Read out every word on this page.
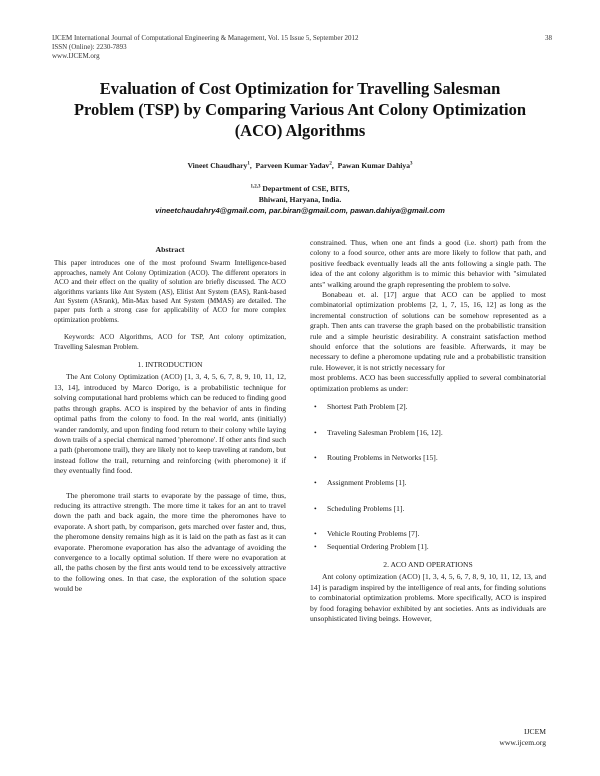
IJCEM International Journal of Computational Engineering & Management, Vol. 15 Issue 5, September 2012
ISSN (Online): 2230-7893
www.IJCEM.org
38
Evaluation of Cost Optimization for Travelling Salesman
Problem (TSP) by Comparing Various Ant Colony Optimization
(ACO) Algorithms
Vineet Chaudhary$^1$,  Parveen Kumar Yadav$^2$,  Pawan Kumar Dahiya$^3$
$^{1,2,3}$ Department of CSE, BITS,
Bhiwani, Haryana, India.
vineetchaudahry4@gmail.com, par.biran@gmail.com, pawan.dahiya@gmail.com

Abstract

This paper introduces one of the most profound Swarm Intelligence-based approaches, namely Ant Colony Optimization (ACO). The different operators in ACO and their effect on the quality of solution are briefly discussed. The ACO algorithms variants like Ant System (AS), Elitist Ant System (EAS), Rank-based Ant System (ASrank), Min-Max based Ant System (MMAS) are detailed. The paper puts forth a strong case for applicability of ACO for more complex optimization problems.

Keywords: ACO Algorithms, ACO for TSP, Ant colony optimization, Travelling Salesman Problem.

1. INTRODUCTION

The Ant Colony Optimization (ACO) [1, 3, 4, 5, 6, 7, 8, 9, 10, 11, 12, 13, 14], introduced by Marco Dorigo, is a probabilistic technique for solving computational hard problems which can be reduced to finding good paths through graphs. ACO is inspired by the behavior of ants in finding optimal paths from the colony to food. In the real world, ants (initially) wander randomly, and upon finding food return to their colony while laying down trails of a special chemical named 'pheromone'. If other ants find such a path (pheromone trail), they are likely not to keep traveling at random, but instead follow the trail, returning and reinforcing (with pheromone) it if they eventually find food.

The pheromone trail starts to evaporate by the passage of time, thus, reducing its attractive strength. The more time it takes for an ant to travel down the path and back again, the more time the pheromones have to evaporate. A short path, by comparison, gets marched over faster and, thus, the pheromone density remains high as it is laid on the path as fast as it can evaporate. Pheromone evaporation has also the advantage of avoiding the convergence to a locally optimal solution. If there were no evaporation at all, the paths chosen by the first ants would tend to be excessively attractive to the following ones. In that case, the exploration of the solution space would be

constrained. Thus, when one ant finds a good (i.e. short) path from the colony to a food source, other ants are more likely to follow that path, and positive feedback eventually leads all the ants following a single path. The idea of the ant colony algorithm is to mimic this behavior with "simulated ants" walking around the graph representing the problem to solve.

Bonabeau et. al. [17] argue that ACO can be applied to most combinatorial optimization problems [2, 1, 7, 15, 16, 12] as long as the incremental construction of solutions can be somehow represented as a graph. Then ants can traverse the graph based on the probabilistic transition rule and a simple heuristic desirability. A constraint satisfaction method should enforce that the solutions are feasible. Afterwards, it may be necessary to define a pheromone updating rule and a probabilistic transition rule. However, it is not strictly necessary for

most problems. ACO has been successfully applied to several combinatorial optimization problems as under:

• Shortest Path Problem [2].
• Traveling Salesman Problem [16, 12].
• Routing Problems in Networks [15].
• Assignment Problems [1].
• Scheduling Problems [1].
• Vehicle Routing Problems [7].
• Sequential Ordering Problem [1].

2. ACO AND OPERATIONS

Ant colony optimization (ACO) [1, 3, 4, 5, 6, 7, 8, 9, 10, 11, 12, 13, and 14] is paradigm inspired by the intelligence of real ants, for finding solutions to combinatorial optimization problems. More specifically, ACO is inspired by food foraging behavior exhibited by ant societies. Ants as individuals are unsophisticated living beings. However,

IJCEM
www.ijcem.org
